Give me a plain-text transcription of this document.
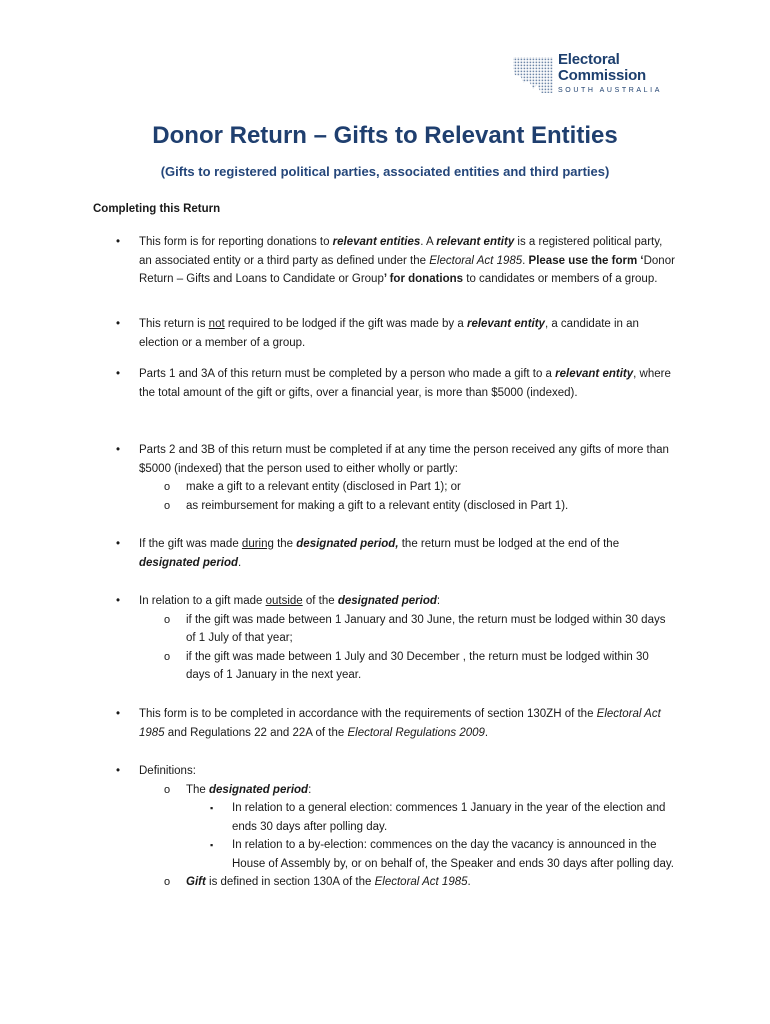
Electoral
Commission
SOUTH AUSTRALIA
Donor Return – Gifts to Relevant Entities
(Gifts to registered political parties, associated entities and third parties)
Completing this Return
•	This form is for reporting donations to relevant entities. A relevant entity is a registered political party, an associated entity or a third party as defined under the Electoral Act 1985. Please use the form ‘Donor Return – Gifts and Loans to Candidate or Group’ for donations to candidates or members of a group.
•	This return is not required to be lodged if the gift was made by a relevant entity, a candidate in an election or a member of a group.
•	Parts 1 and 3A of this return must be completed by a person who made a gift to a relevant entity, where the total amount of the gift or gifts, over a financial year, is more than $5000 (indexed).
•	Parts 2 and 3B of this return must be completed if at any time the person received any gifts of more than $5000 (indexed) that the person used to either wholly or partly:
o	make a gift to a relevant entity (disclosed in Part 1); or
o	as reimbursement for making a gift to a relevant entity (disclosed in Part 1).
•	If the gift was made during the designated period, the return must be lodged at the end of the designated period.
•	In relation to a gift made outside of the designated period:
o	if the gift was made between 1 January and 30 June, the return must be lodged within 30 days of 1 July of that year;
o	if the gift was made between 1 July and 30 December , the return must be lodged within 30 days of 1 January in the next year.
•	This form is to be completed in accordance with the requirements of section 130ZH of the Electoral Act 1985 and Regulations 22 and 22A of the Electoral Regulations 2009.
•	Definitions:
o	The designated period:
▪	In relation to a general election: commences 1 January in the year of the election and ends 30 days after polling day.
▪	In relation to a by-election: commences on the day the vacancy is announced in the House of Assembly by, or on behalf of, the Speaker and ends 30 days after polling day.
o	Gift is defined in section 130A of the Electoral Act 1985.
